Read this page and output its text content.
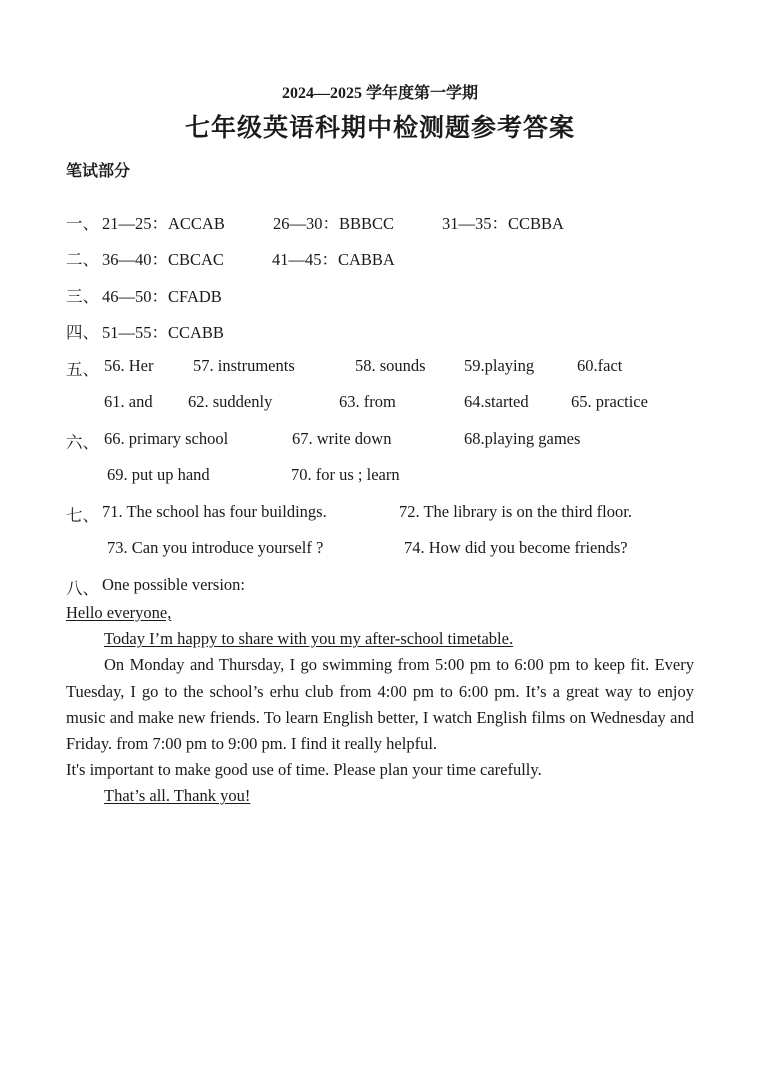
2024—2025 学年度第一学期
七年级英语科期中检测题参考答案
笔试部分
一、 21—25：ACCAB	26—30：BBBCC	31—35：CCBBA
二、 36—40：CBCAC	41—45：CABBA
三、 46—50：CFADB
四、 51—55：CCABB
五、 56. Her 57. instruments	58. sounds 59.playing	60.fact
61. and 62. suddenly	63. from	64.started	65. practice
六、 66. primary school	67. write down	68.playing games
69. put up hand	70. for us ; learn
七、 71. The school has four buildings.	72. The library is on the third floor.
73. Can you introduce yourself ?	74. How did you become friends?
八、 One possible version:

Hello everyone,

Today I’m happy to share with you my after-school timetable.

On Monday and Thursday, I go swimming from 5:00 pm to 6:00 pm to keep fit. Every Tuesday, I go to the school’s erhu club from 4:00 pm to 6:00 pm. It’s a great way to enjoy music and make new friends. To learn English better, I watch English films on Wednesday and Friday. from 7:00 pm to 9:00 pm. I find it really helpful.

It's important to make good use of time. Please plan your time carefully.

That’s all. Thank you!
